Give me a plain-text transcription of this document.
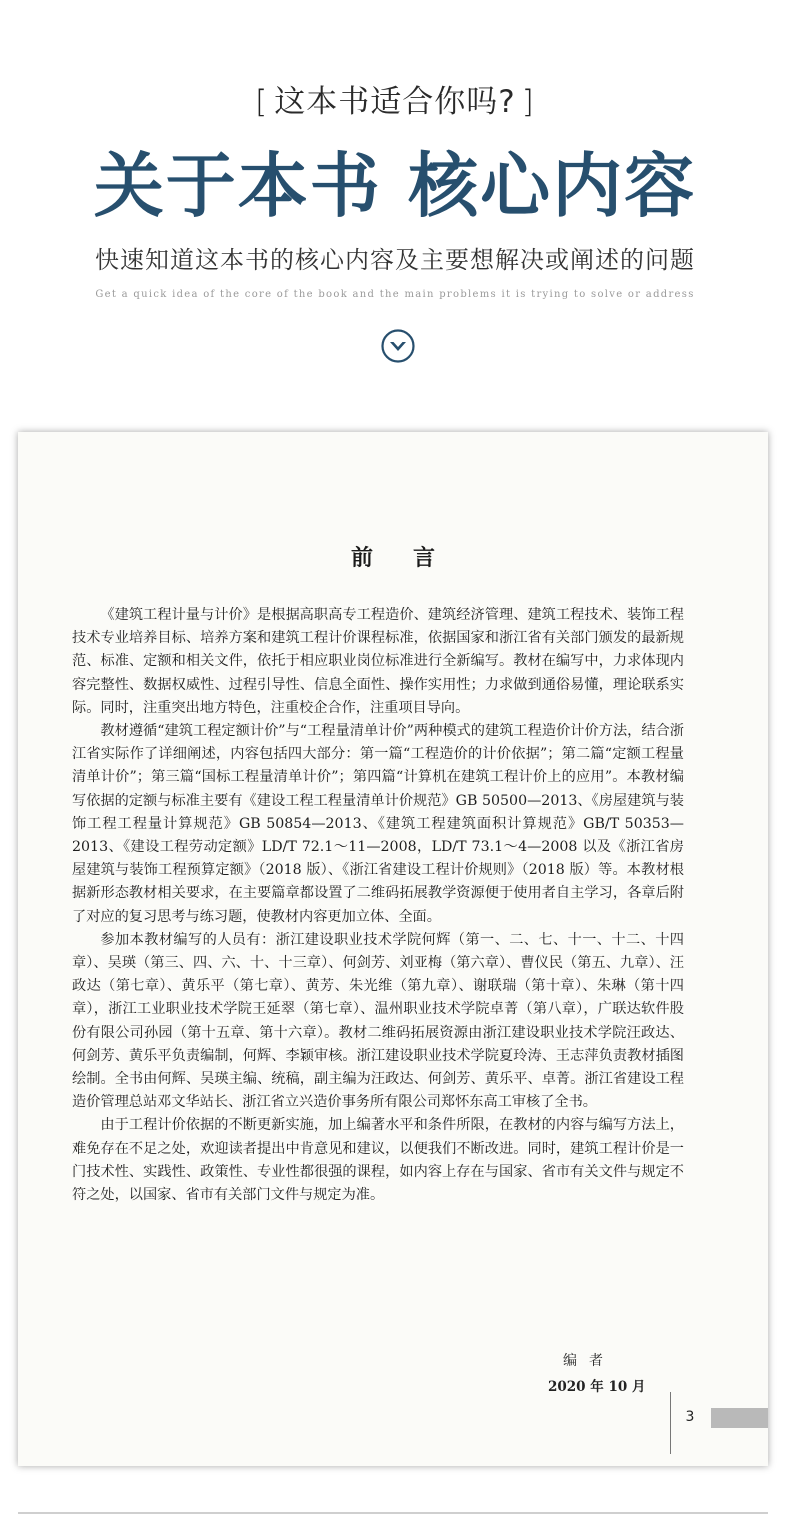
[ 这本书适合你吗? ]
关于本书 核心内容
快速知道这本书的核心内容及主要想解决或阐述的问题
Get a quick idea of the core of the book and the main problems it is trying to solve or address
前言

《建筑工程计量与计价》是根据高职高专工程造价、建筑经济管理、建筑工程技术、装饰工程技术专业培养目标、培养方案和建筑工程计价课程标准，依据国家和浙江省有关部门颁发的最新规范、标准、定额和相关文件，依托于相应职业岗位标准进行全新编写。教材在编写中，力求体现内容完整性、数据权威性、过程引导性、信息全面性、操作实用性；力求做到通俗易懂，理论联系实际。同时，注重突出地方特色，注重校企合作，注重项目导向。

教材遵循“建筑工程定额计价”与“工程量清单计价”两种模式的建筑工程造价计价方法，结合浙江省实际作了详细阐述，内容包括四大部分：第一篇“工程造价的计价依据”；第二篇“定额工程量清单计价”；第三篇“国标工程量清单计价”；第四篇“计算机在建筑工程计价上的应用”。本教材编写依据的定额与标准主要有《建设工程工程量清单计价规范》GB 50500—2013、《房屋建筑与装饰工程工程量计算规范》GB 50854—2013、《建筑工程建筑面积计算规范》GB/T 50353—2013、《建设工程劳动定额》LD/T 72.1～11—2008，LD/T 73.1～4—2008 以及《浙江省房屋建筑与装饰工程预算定额》（2018 版）、《浙江省建设工程计价规则》（2018 版）等。本教材根据新形态教材相关要求，在主要篇章都设置了二维码拓展教学资源便于使用者自主学习，各章后附了对应的复习思考与练习题，使教材内容更加立体、全面。

参加本教材编写的人员有：浙江建设职业技术学院何辉（第一、二、七、十一、十二、十四章）、吴瑛（第三、四、六、十、十三章）、何剑芳、刘亚梅（第六章）、曹仪民（第五、九章）、汪政达（第七章）、黄乐平（第七章）、黄芳、朱光维（第九章）、谢联瑞（第十章）、朱琳（第十四章），浙江工业职业技术学院王延翠（第七章）、温州职业技术学院卓菁（第八章），广联达软件股份有限公司孙园（第十五章、第十六章）。教材二维码拓展资源由浙江建设职业技术学院汪政达、何剑芳、黄乐平负责编制，何辉、李颖审核。浙江建设职业技术学院夏玲涛、王志萍负责教材插图绘制。全书由何辉、吴瑛主编、统稿，副主编为汪政达、何剑芳、黄乐平、卓菁。浙江省建设工程造价管理总站邓文华站长、浙江省立兴造价事务所有限公司郑怀东高工审核了全书。

由于工程计价依据的不断更新实施，加上编著水平和条件所限，在教材的内容与编写方法上，难免存在不足之处，欢迎读者提出中肯意见和建议，以便我们不断改进。同时，建筑工程计价是一门技术性、实践性、政策性、专业性都很强的课程，如内容上存在与国家、省市有关文件与规定不符之处，以国家、省市有关部门文件与规定为准。

编者
2020 年 10 月
3
